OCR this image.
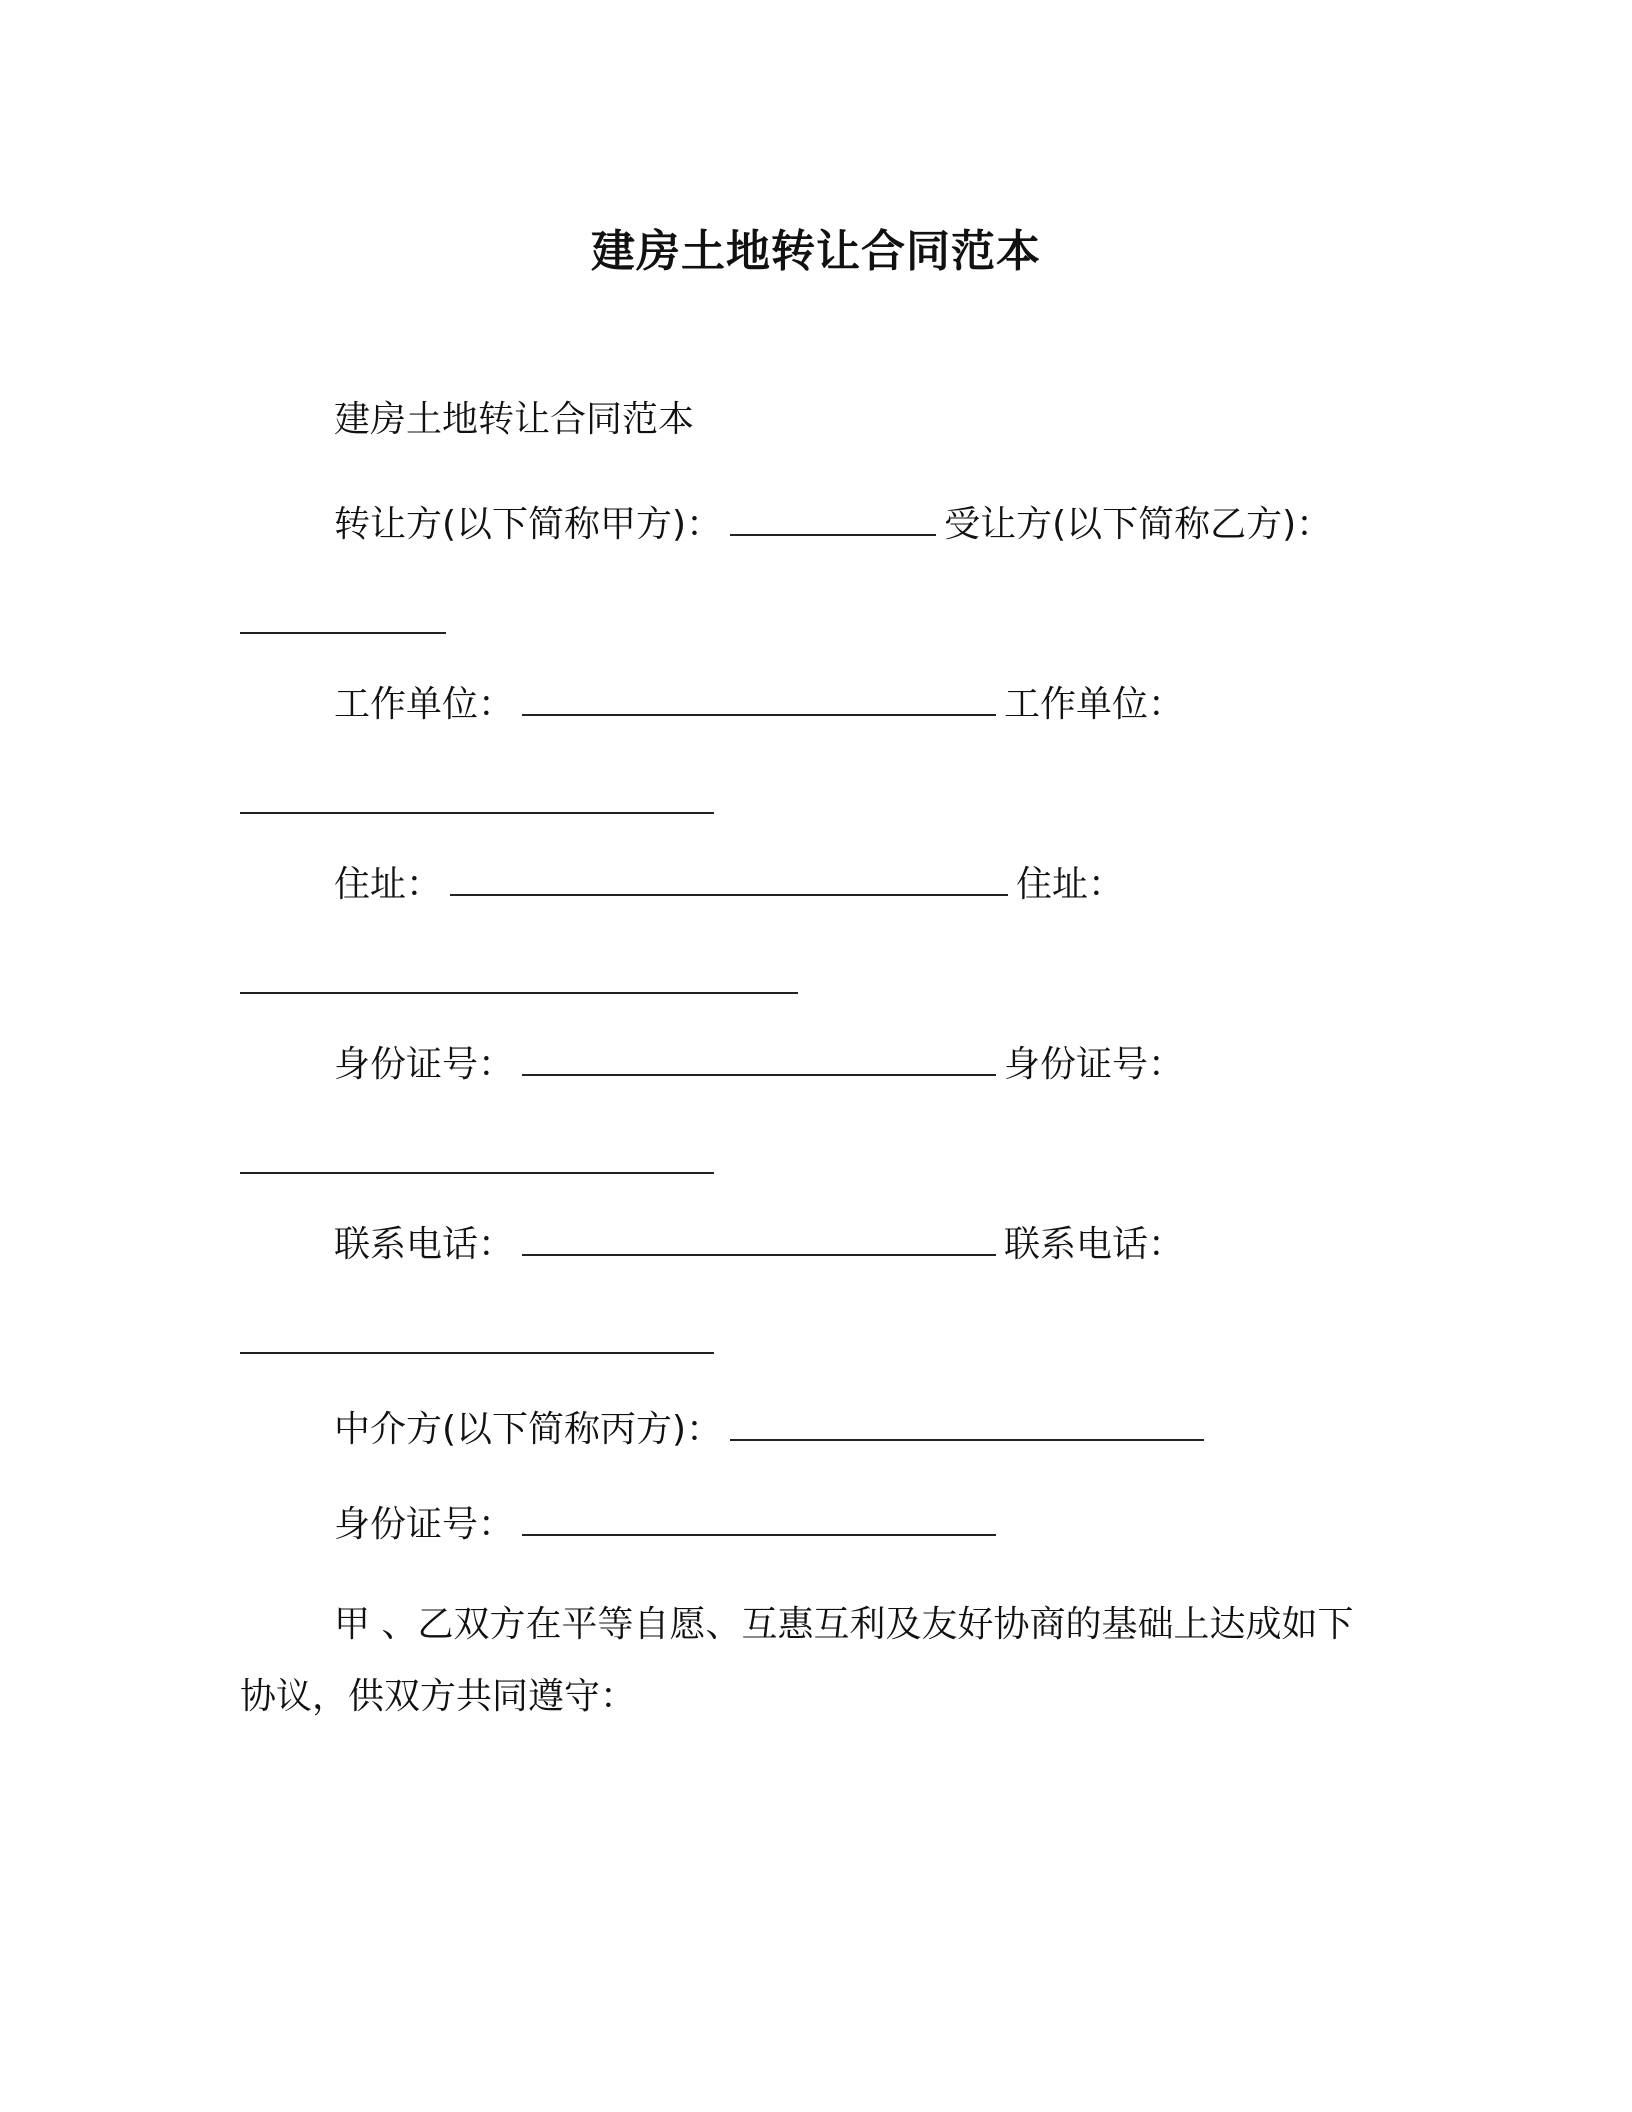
建房土地转让合同范本
建房土地转让合同范本
转让方(以下简称甲方)：	受让方(以下简称乙方)：
工作单位：	工作单位：
住址：	住址：
身份证号：	身份证号：
联系电话：	联系电话：
中介方(以下简称丙方)：
身份证号：
甲 、乙双方在平等自愿、互惠互利及友好协商的基础上达成如下
协议，供双方共同遵守：
